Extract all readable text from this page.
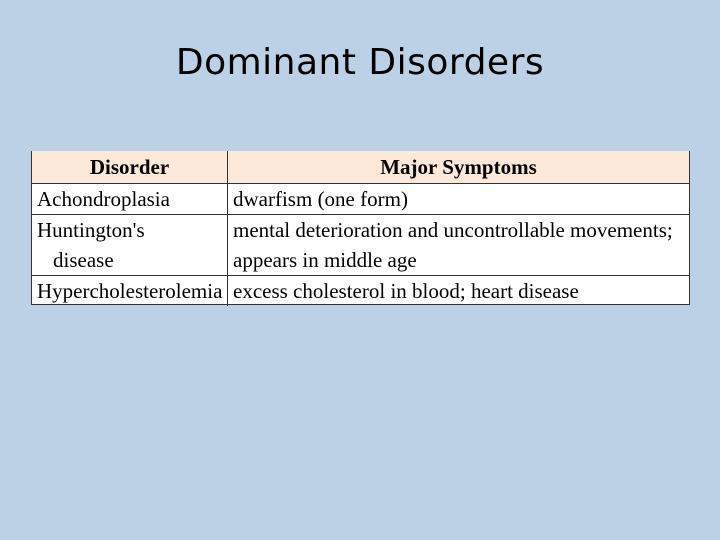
Dominant Disorders
Disorder	Major Symptoms

Achondroplasia	dwarfism (one form)

Huntington's
disease	mental deterioration and uncontrollable movements;
appears in middle age

Hypercholesterolemia	excess cholesterol in blood; heart disease
